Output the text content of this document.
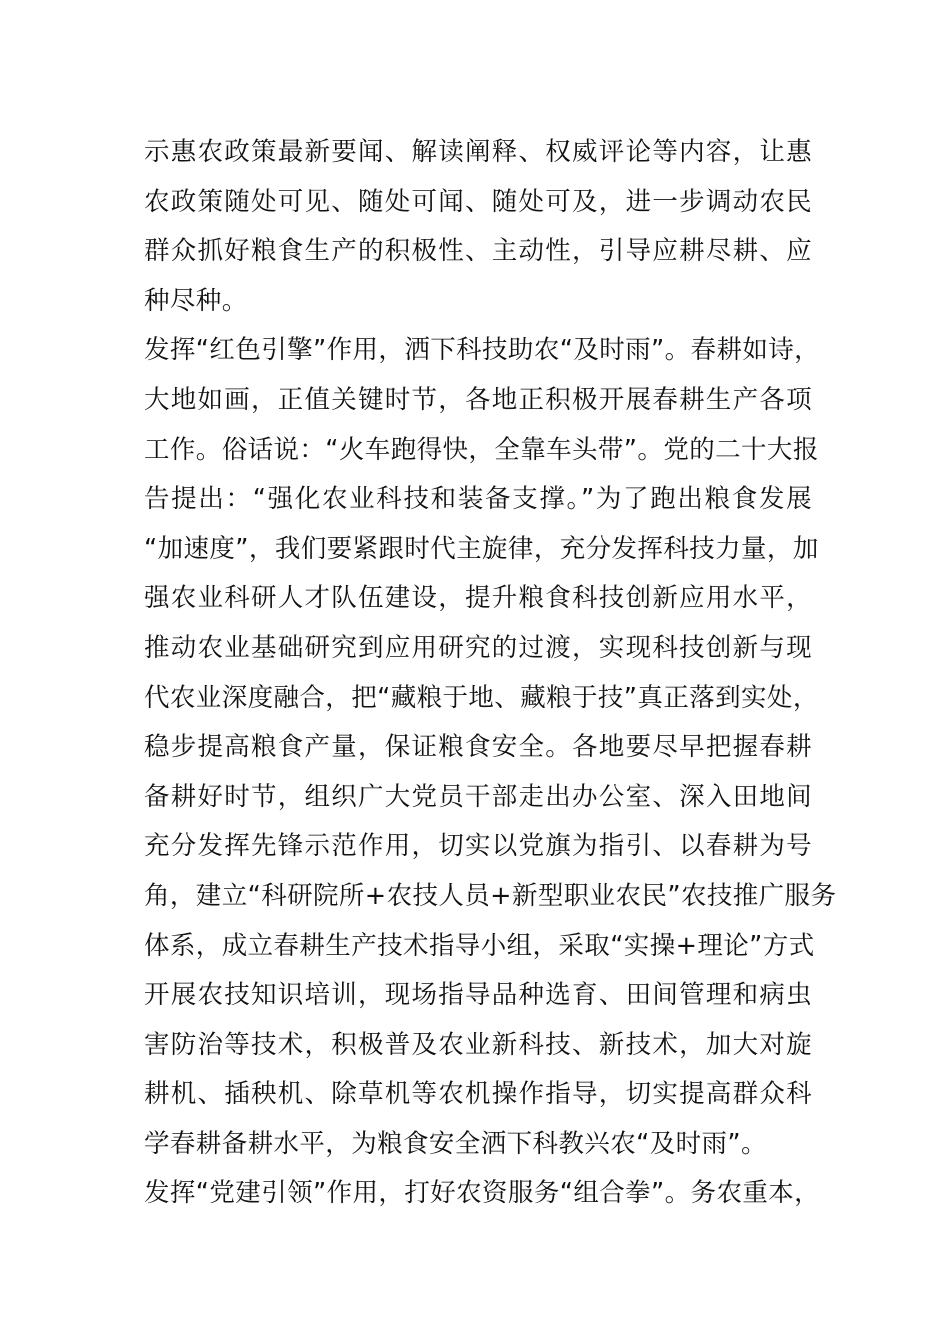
示惠农政策最新要闻、解读阐释、权威评论等内容，让惠
农政策随处可见、随处可闻、随处可及，进一步调动农民
群众抓好粮食生产的积极性、主动性，引导应耕尽耕、应
种尽种。
发挥“红色引擎”作用，洒下科技助农“及时雨”。春耕如诗，
大地如画，正值关键时节，各地正积极开展春耕生产各项
工作。俗话说：“火车跑得快，全靠车头带”。党的二十大报
告提出：“强化农业科技和装备支撑。”为了跑出粮食发展
“加速度”，我们要紧跟时代主旋律，充分发挥科技力量，加
强农业科研人才队伍建设，提升粮食科技创新应用水平，
推动农业基础研究到应用研究的过渡，实现科技创新与现
代农业深度融合，把“藏粮于地、藏粮于技”真正落到实处，
稳步提高粮食产量，保证粮食安全。各地要尽早把握春耕
备耕好时节，组织广大党员干部走出办公室、深入田地间
充分发挥先锋示范作用，切实以党旗为指引、以春耕为号
角，建立“科研院所+农技人员+新型职业农民”农技推广服务
体系，成立春耕生产技术指导小组，采取“实操+理论”方式
开展农技知识培训，现场指导品种选育、田间管理和病虫
害防治等技术，积极普及农业新科技、新技术，加大对旋
耕机、插秧机、除草机等农机操作指导，切实提高群众科
学春耕备耕水平，为粮食安全洒下科教兴农“及时雨”。
发挥“党建引领”作用，打好农资服务“组合拳”。务农重本，
